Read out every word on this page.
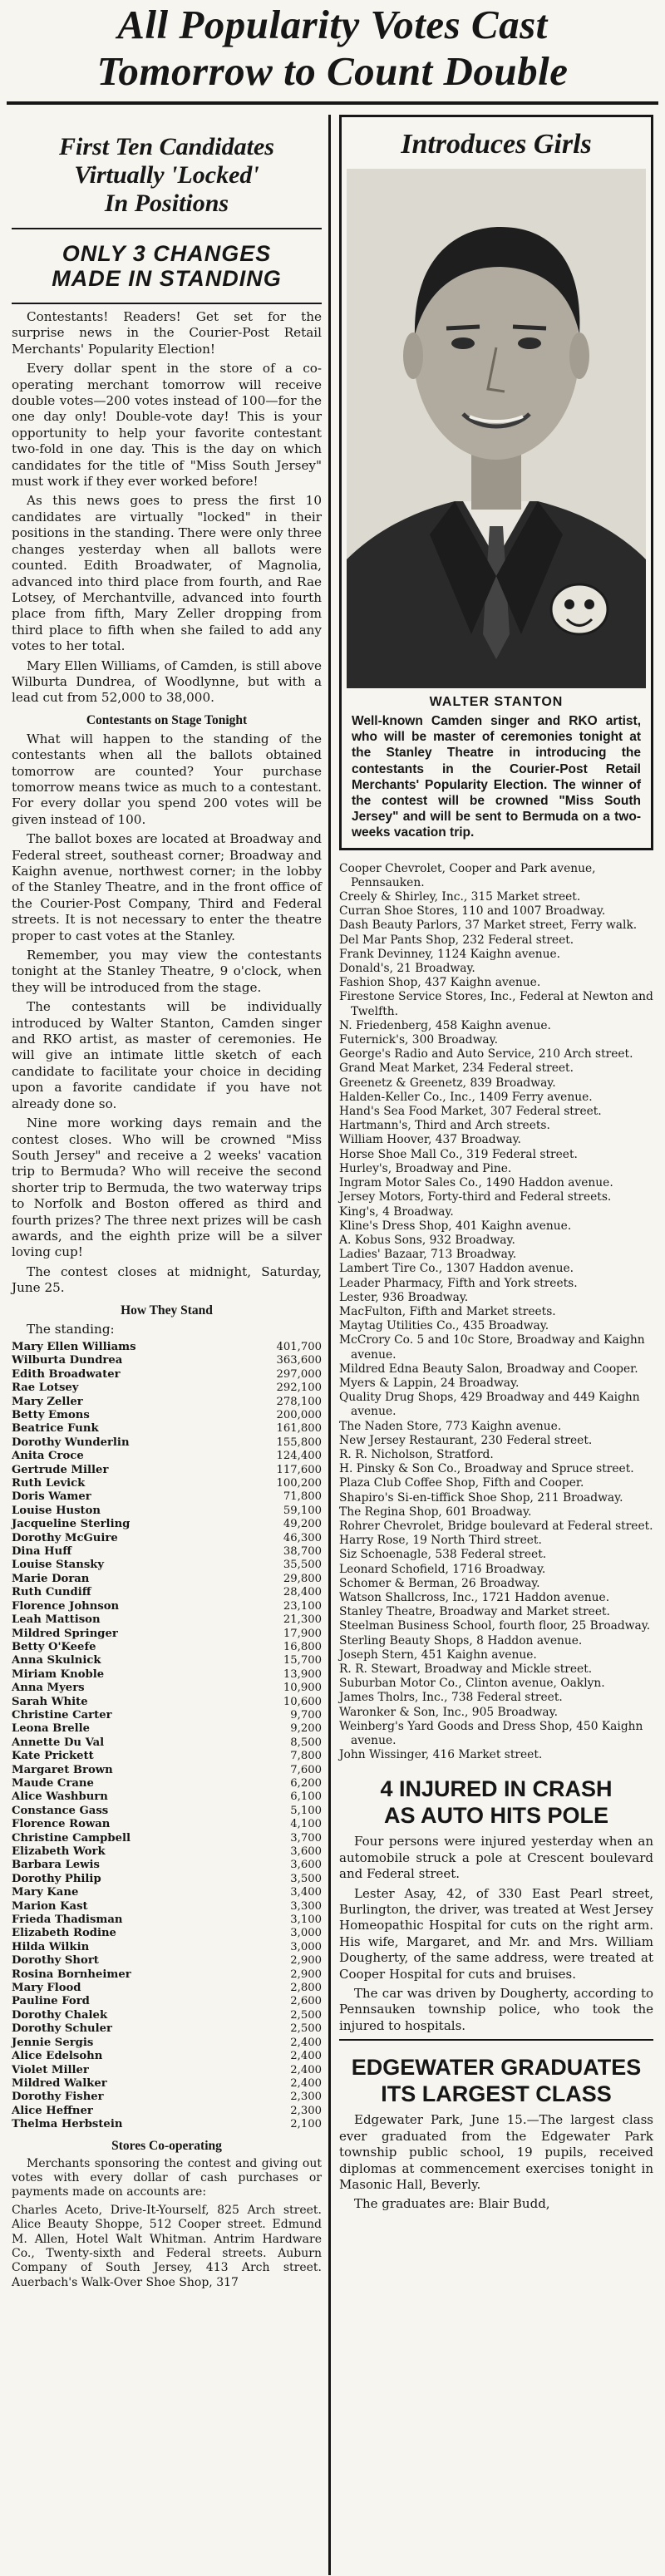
All Popularity Votes Cast
Tomorrow to Count Double
First Ten Candidates
Virtually 'Locked'
In Positions
ONLY 3 CHANGES
MADE IN STANDING

Contestants! Readers! Get set for the surprise news in the Courier-Post Retail Merchants' Popularity Election!

Every dollar spent in the store of a co-operating merchant tomorrow will receive double votes—200 votes instead of 100—for the one day only! Double-vote day! This is your opportunity to help your favorite contestant two-fold in one day. This is the day on which candidates for the title of "Miss South Jersey" must work if they ever worked before!

As this news goes to press the first 10 candidates are virtually "locked" in their positions in the standing. There were only three changes yesterday when all ballots were counted. Edith Broadwater, of Magnolia, advanced into third place from fourth, and Rae Lotsey, of Merchantville, advanced into fourth place from fifth, Mary Zeller dropping from third place to fifth when she failed to add any votes to her total.

Mary Ellen Williams, of Camden, is still above Wilburta Dundrea, of Woodlynne, but with a lead cut from 52,000 to 38,000.

Contestants on Stage Tonight

What will happen to the standing of the contestants when all the ballots obtained tomorrow are counted? Your purchase tomorrow means twice as much to a contestant. For every dollar you spend 200 votes will be given instead of 100.

The ballot boxes are located at Broadway and Federal street, southeast corner; Broadway and Kaighn avenue, northwest corner; in the lobby of the Stanley Theatre, and in the front office of the Courier-Post Company, Third and Federal streets. It is not necessary to enter the theatre proper to cast votes at the Stanley.

Remember, you may view the contestants tonight at the Stanley Theatre, 9 o'clock, when they will be introduced from the stage.

The contestants will be individually introduced by Walter Stanton, Camden singer and RKO artist, as master of ceremonies. He will give an intimate little sketch of each candidate to facilitate your choice in deciding upon a favorite candidate if you have not already done so.

Nine more working days remain and the contest closes. Who will be crowned "Miss South Jersey" and receive a 2 weeks' vacation trip to Bermuda? Who will receive the second shorter trip to Bermuda, the two waterway trips to Norfolk and Boston offered as third and fourth prizes? The three next prizes will be cash awards, and the eighth prize will be a silver loving cup!

The contest closes at midnight, Saturday, June 25.

How They Stand

The standing:

Mary Ellen Williams	401,700
Wilburta Dundrea	363,600
Edith Broadwater	297,000
Rae Lotsey	292,100
Mary Zeller	278,100
Betty Emons	200,000
Beatrice Funk	161,800
Dorothy Wunderlin	155,800
Anita Croce	124,400
Gertrude Miller	117,600
Ruth Levick	100,200
Doris Wamer	71,800
Louise Huston	59,100
Jacqueline Sterling	49,200
Dorothy McGuire	46,300
Dina Huff	38,700
Louise Stansky	35,500
Marie Doran	29,800
Ruth Cundiff	28,400
Florence Johnson	23,100
Leah Mattison	21,300
Mildred Springer	17,900
Betty O'Keefe	16,800
Anna Skulnick	15,700
Miriam Knoble	13,900
Anna Myers	10,900
Sarah White	10,600
Christine Carter	9,700
Leona Brelle	9,200
Annette Du Val	8,500
Kate Prickett	7,800
Margaret Brown	7,600
Maude Crane	6,200
Alice Washburn	6,100
Constance Gass	5,100
Florence Rowan	4,100
Christine Campbell	3,700
Elizabeth Work	3,600
Barbara Lewis	3,600
Dorothy Philip	3,500
Mary Kane	3,400
Marion Kast	3,300
Frieda Thadisman	3,100
Elizabeth Rodine	3,000
Hilda Wilkin	3,000
Dorothy Short	2,900
Rosina Bornheimer	2,900
Mary Flood	2,800
Pauline Ford	2,600
Dorothy Chalek	2,500
Dorothy Schuler	2,500
Jennie Sergis	2,400
Alice Edelsohn	2,400
Violet Miller	2,400
Mildred Walker	2,400
Dorothy Fisher	2,300
Alice Heffner	2,300
Thelma Herbstein	2,100
Stores Co-operating

Merchants sponsoring the contest and giving out votes with every dollar of cash purchases or payments made on accounts are:

Charles Aceto, Drive-It-Yourself, 825 Arch street. Alice Beauty Shoppe, 512 Cooper street. Edmund M. Allen, Hotel Walt Whitman. Antrim Hardware Co., Twenty-sixth and Federal streets. Auburn Company of South Jersey, 413 Arch street. Auerbach's Walk-Over Shoe Shop, 317

Introduces Girls
WALTER STANTON
Well-known Camden singer and RKO artist, who will be master of ceremonies tonight at the Stanley Theatre in introducing the contestants in the Courier-Post Retail Merchants' Popularity Election. The winner of the contest will be crowned "Miss South Jersey" and will be sent to Bermuda on a two-weeks vacation trip.
Cooper Chevrolet, Cooper and Park avenue, Pennsauken.
Creely & Shirley, Inc., 315 Market street.
Curran Shoe Stores, 110 and 1007 Broadway.
Dash Beauty Parlors, 37 Market street, Ferry walk.
Del Mar Pants Shop, 232 Federal street.
Frank Devinney, 1124 Kaighn avenue.
Donald's, 21 Broadway.
Fashion Shop, 437 Kaighn avenue.
Firestone Service Stores, Inc., Federal at Newton and Twelfth.
N. Friedenberg, 458 Kaighn avenue.
Futernick's, 300 Broadway.
George's Radio and Auto Service, 210 Arch street.
Grand Meat Market, 234 Federal street.
Greenetz & Greenetz, 839 Broadway.
Halden-Keller Co., Inc., 1409 Ferry avenue.
Hand's Sea Food Market, 307 Federal street.
Hartmann's, Third and Arch streets.
William Hoover, 437 Broadway.
Horse Shoe Mall Co., 319 Federal street.
Hurley's, Broadway and Pine.
Ingram Motor Sales Co., 1490 Haddon avenue.
Jersey Motors, Forty-third and Federal streets.
King's, 4 Broadway.
Kline's Dress Shop, 401 Kaighn avenue.
A. Kobus Sons, 932 Broadway.
Ladies' Bazaar, 713 Broadway.
Lambert Tire Co., 1307 Haddon avenue.
Leader Pharmacy, Fifth and York streets.
Lester, 936 Broadway.
MacFulton, Fifth and Market streets.
Maytag Utilities Co., 435 Broadway.
McCrory Co. 5 and 10c Store, Broadway and Kaighn avenue.
Mildred Edna Beauty Salon, Broadway and Cooper.
Myers & Lappin, 24 Broadway.
Quality Drug Shops, 429 Broadway and 449 Kaighn avenue.
The Naden Store, 773 Kaighn avenue.
New Jersey Restaurant, 230 Federal street.
R. R. Nicholson, Stratford.
H. Pinsky & Son Co., Broadway and Spruce street.
Plaza Club Coffee Shop, Fifth and Cooper.
Shapiro's Si-en-tiffick Shoe Shop, 211 Broadway.
The Regina Shop, 601 Broadway.
Rohrer Chevrolet, Bridge boulevard at Federal street.
Harry Rose, 19 North Third street.
Siz Schoenagle, 538 Federal street.
Leonard Schofield, 1716 Broadway.
Schomer & Berman, 26 Broadway.
Watson Shallcross, Inc., 1721 Haddon avenue.
Stanley Theatre, Broadway and Market street.
Steelman Business School, fourth floor, 25 Broadway.
Sterling Beauty Shops, 8 Haddon avenue.
Joseph Stern, 451 Kaighn avenue.
R. R. Stewart, Broadway and Mickle street.
Suburban Motor Co., Clinton avenue, Oaklyn.
James Tholrs, Inc., 738 Federal street.
Waronker & Son, Inc., 905 Broadway.
Weinberg's Yard Goods and Dress Shop, 450 Kaighn avenue.
John Wissinger, 416 Market street.
4 INJURED IN CRASH
AS AUTO HITS POLE

Four persons were injured yesterday when an automobile struck a pole at Crescent boulevard and Federal street.

Lester Asay, 42, of 330 East Pearl street, Burlington, the driver, was treated at West Jersey Homeopathic Hospital for cuts on the right arm. His wife, Margaret, and Mr. and Mrs. William Dougherty, of the same address, were treated at Cooper Hospital for cuts and bruises.

The car was driven by Dougherty, according to Pennsauken township police, who took the injured to hospitals.

EDGEWATER GRADUATES
ITS LARGEST CLASS

Edgewater Park, June 15.—The largest class ever graduated from the Edgewater Park township public school, 19 pupils, received diplomas at commencement exercises tonight in Masonic Hall, Beverly.

The graduates are: Blair Budd,
